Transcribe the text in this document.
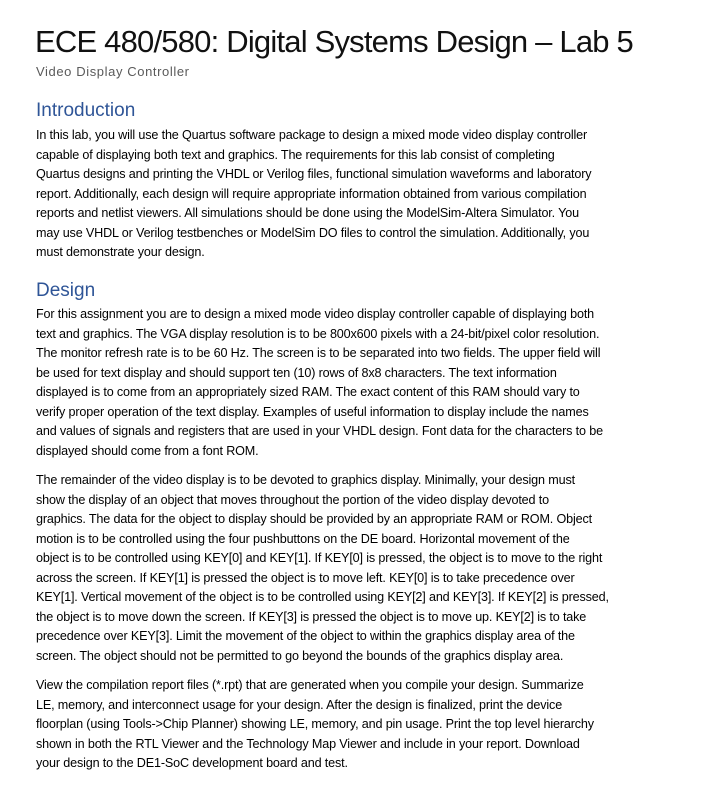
ECE 480/580: Digital Systems Design – Lab 5
Video Display Controller
Introduction
In this lab, you will use the Quartus software package to design a mixed mode video display controller
capable of displaying both text and graphics. The requirements for this lab consist of completing
Quartus designs and printing the VHDL or Verilog files, functional simulation waveforms and laboratory
report. Additionally, each design will require appropriate information obtained from various compilation
reports and netlist viewers. All simulations should be done using the ModelSim-Altera Simulator. You
may use VHDL or Verilog testbenches or ModelSim DO files to control the simulation. Additionally, you
must demonstrate your design.
Design
For this assignment you are to design a mixed mode video display controller capable of displaying both
text and graphics. The VGA display resolution is to be 800x600 pixels with a 24-bit/pixel color resolution.
The monitor refresh rate is to be 60 Hz. The screen is to be separated into two fields. The upper field will
be used for text display and should support ten (10) rows of 8x8 characters. The text information
displayed is to come from an appropriately sized RAM. The exact content of this RAM should vary to
verify proper operation of the text display. Examples of useful information to display include the names
and values of signals and registers that are used in your VHDL design. Font data for the characters to be
displayed should come from a font ROM.
The remainder of the video display is to be devoted to graphics display. Minimally, your design must
show the display of an object that moves throughout the portion of the video display devoted to
graphics. The data for the object to display should be provided by an appropriate RAM or ROM. Object
motion is to be controlled using the four pushbuttons on the DE board. Horizontal movement of the
object is to be controlled using KEY[0] and KEY[1]. If KEY[0] is pressed, the object is to move to the right
across the screen. If KEY[1] is pressed the object is to move left. KEY[0] is to take precedence over
KEY[1]. Vertical movement of the object is to be controlled using KEY[2] and KEY[3]. If KEY[2] is pressed,
the object is to move down the screen. If KEY[3] is pressed the object is to move up. KEY[2] is to take
precedence over KEY[3]. Limit the movement of the object to within the graphics display area of the
screen. The object should not be permitted to go beyond the bounds of the graphics display area.
View the compilation report files (*.rpt) that are generated when you compile your design. Summarize
LE, memory, and interconnect usage for your design. After the design is finalized, print the device
floorplan (using Tools->Chip Planner) showing LE, memory, and pin usage. Print the top level hierarchy
shown in both the RTL Viewer and the Technology Map Viewer and include in your report. Download
your design to the DE1-SoC development board and test.
